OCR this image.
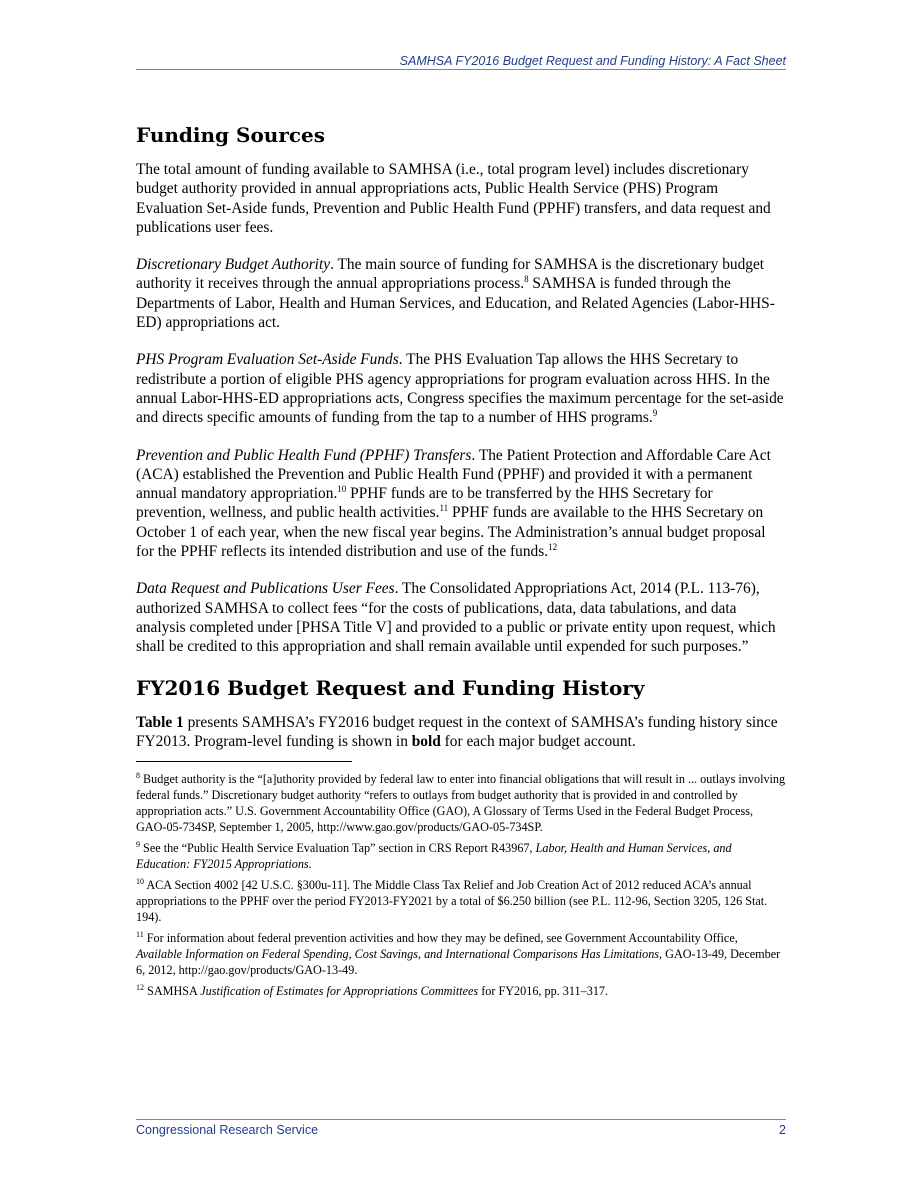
SAMHSA FY2016 Budget Request and Funding History: A Fact Sheet
Funding Sources

The total amount of funding available to SAMHSA (i.e., total program level) includes discretionary budget authority provided in annual appropriations acts, Public Health Service (PHS) Program Evaluation Set-Aside funds, Prevention and Public Health Fund (PPHF) transfers, and data request and publications user fees.

Discretionary Budget Authority. The main source of funding for SAMHSA is the discretionary budget authority it receives through the annual appropriations process.$^8$ SAMHSA is funded through the Departments of Labor, Health and Human Services, and Education, and Related Agencies (Labor-HHS-ED) appropriations act.

PHS Program Evaluation Set-Aside Funds. The PHS Evaluation Tap allows the HHS Secretary to redistribute a portion of eligible PHS agency appropriations for program evaluation across HHS. In the annual Labor-HHS-ED appropriations acts, Congress specifies the maximum percentage for the set-aside and directs specific amounts of funding from the tap to a number of HHS programs.$^9$

Prevention and Public Health Fund (PPHF) Transfers. The Patient Protection and Affordable Care Act (ACA) established the Prevention and Public Health Fund (PPHF) and provided it with a permanent annual mandatory appropriation.$^{10}$ PPHF funds are to be transferred by the HHS Secretary for prevention, wellness, and public health activities.$^{11}$ PPHF funds are available to the HHS Secretary on October 1 of each year, when the new fiscal year begins. The Administration’s annual budget proposal for the PPHF reflects its intended distribution and use of the funds.$^{12}$

Data Request and Publications User Fees. The Consolidated Appropriations Act, 2014 (P.L. 113-76), authorized SAMHSA to collect fees “for the costs of publications, data, data tabulations, and data analysis completed under [PHSA Title V] and provided to a public or private entity upon request, which shall be credited to this appropriation and shall remain available until expended for such purposes.”

FY2016 Budget Request and Funding History

Table 1 presents SAMHSA’s FY2016 budget request in the context of SAMHSA’s funding history since FY2013. Program-level funding is shown in bold for each major budget account.

$^8$ Budget authority is the “[a]uthority provided by federal law to enter into financial obligations that will result in ... outlays involving federal funds.” Discretionary budget authority “refers to outlays from budget authority that is provided in and controlled by appropriation acts.” U.S. Government Accountability Office (GAO), A Glossary of Terms Used in the Federal Budget Process, GAO-05-734SP, September 1, 2005, http://www.gao.gov/products/GAO-05-734SP.
$^9$ See the “Public Health Service Evaluation Tap” section in CRS Report R43967, Labor, Health and Human Services, and Education: FY2015 Appropriations.
$^{10}$ ACA Section 4002 [42 U.S.C. §300u-11]. The Middle Class Tax Relief and Job Creation Act of 2012 reduced ACA’s annual appropriations to the PPHF over the period FY2013-FY2021 by a total of $6.250 billion (see P.L. 112-96, Section 3205, 126 Stat. 194).
$^{11}$ For information about federal prevention activities and how they may be defined, see Government Accountability Office, Available Information on Federal Spending, Cost Savings, and International Comparisons Has Limitations, GAO-13-49, December 6, 2012, http://gao.gov/products/GAO-13-49.
$^{12}$ SAMHSA Justification of Estimates for Appropriations Committees for FY2016, pp. 311–317.
Congressional Research Service	2
